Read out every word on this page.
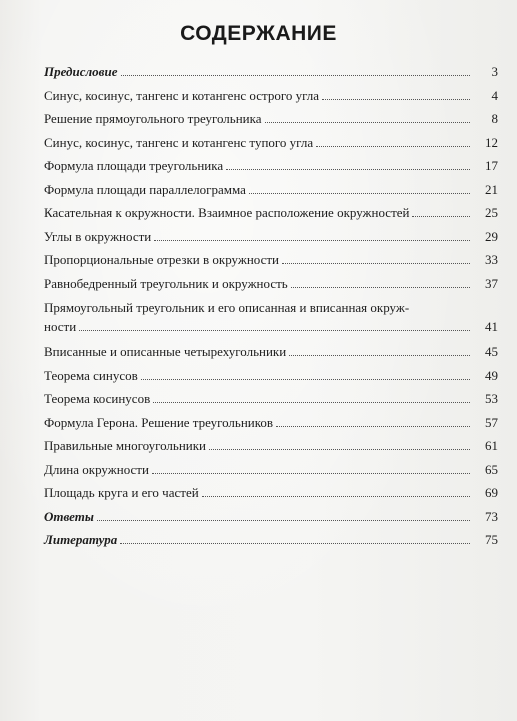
СОДЕРЖАНИЕ
Предисловие	3
Синус, косинус, тангенс и котангенс острого угла	4
Решение прямоугольного треугольника	8
Синус, косинус, тангенс и котангенс тупого угла	12
Формула площади треугольника	17
Формула площади параллелограмма	21
Касательная к окружности. Взаимное расположение окружностей	25
Углы в окружности	29
Пропорциональные отрезки в окружности	33
Равнобедренный треугольник и окружность	37
Прямоугольный треугольник и его описанная и вписанная окруж-
ности	41
Вписанные и описанные четырехугольники	45
Теорема синусов	49
Теорема косинусов	53
Формула Герона. Решение треугольников	57
Правильные многоугольники	61
Длина окружности	65
Площадь круга и его частей	69
Ответы	73
Литература	75
